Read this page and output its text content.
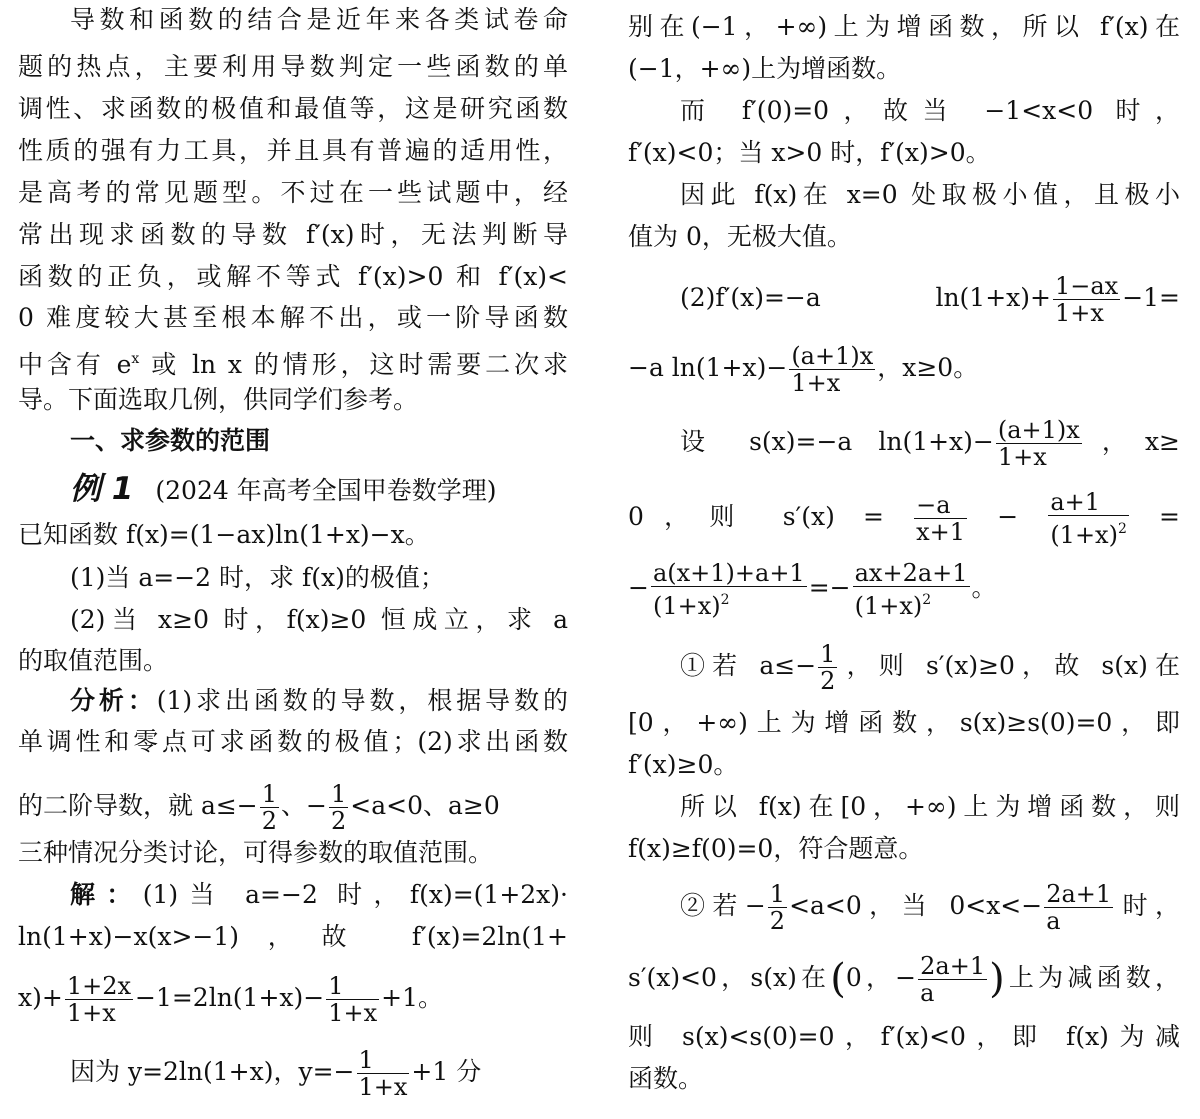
导数和函数的结合是近年来各类试卷命
题的热点，主要利用导数判定一些函数的单
调性、求函数的极值和最值等，这是研究函数
性质的强有力工具，并且具有普遍的适用性，
是高考的常见题型。不过在一些试题中，经
常出现求函数的导数 f′(x)时，无法判断导
函数的正负，或解不等式 f′(x)>0 和 f′(x)<
0 难度较大甚至根本解不出，或一阶导函数
中含有 $e^x$ 或 ln x 的情形，这时需要二次求
导。下面选取几例，供同学们参考。
一、求参数的范围
例 1 (2024 年高考全国甲卷数学理)
已知函数 f(x)=(1−ax)ln(1+x)−x。
(1)当 a=−2 时，求 f(x)的极值；
(2)当 x≥0 时，f(x)≥0 恒成立，求 a
的取值范围。
分析：(1)求出函数的导数，根据导数的
单调性和零点可求函数的极值；(2)求出函数
的二阶导数，就 $a\le- \frac{1}{2}$ 、− $\frac{1}{2} <a<0$、a≥0
三种情况分类讨论，可得参数的取值范围。
解：(1)当 a=−2 时，f(x)=(1+2x)·
ln(1+x)−x(x>−1)，故 f′(x)=2ln(1+
$x)+ \frac{1+2x}{1+x} -1=2\ln(1+x)- \frac{1}{1+x} +1$。
因为 y=2ln(1+x)，$y=- \frac{1}{1+x} +1$ 分
别在(−1，+∞)上为增函数，所以 f′(x)在
(−1，+∞)上为增函数。
而 f′(0)=0，故当 −1<x<0 时，
f′(x)<0；当 x>0 时，f′(x)>0。
因此 f(x)在 x=0 处取极小值，且极小
值为 0，无极大值。
(2)f′(x)=−a $\ln(1+x)+ \frac{1-ax}{1+x} -1=$
−a $\ln(1+x)- \frac{(a+1)x}{1+x}$ ，x≥0。
设 s(x)=−a $\ln(1+x)- \frac{(a+1)x}{1+x}$ ，x≥
0，则 $s'(x) = \frac{-a}{x+1} - \frac{a+1}{(1+x)^2}$ =
− $\frac{a(x+1)+a+1}{(1+x)^2} =- \frac{ax+2a+1}{(1+x)^2}$ 。
①若 $a\le- \frac{1}{2}$ ，则 s′(x)≥0，故 s(x)在
[0，+∞)上为增函数，s(x)≥s(0)=0，即
f′(x)≥0。
所以 f(x)在[0，+∞)上为增函数，则
f(x)≥f(0)=0，符合题意。
②若− $\frac{1}{2} <a<0$，当 $0<x<- \frac{2a+1}{a}$ 时，
s′(x)<0，s(x)在(0，− $\frac{2a+1}{a}$ )上为减函数，
则 s(x)<s(0)=0，f′(x)<0，即 f(x)为减
函数。
